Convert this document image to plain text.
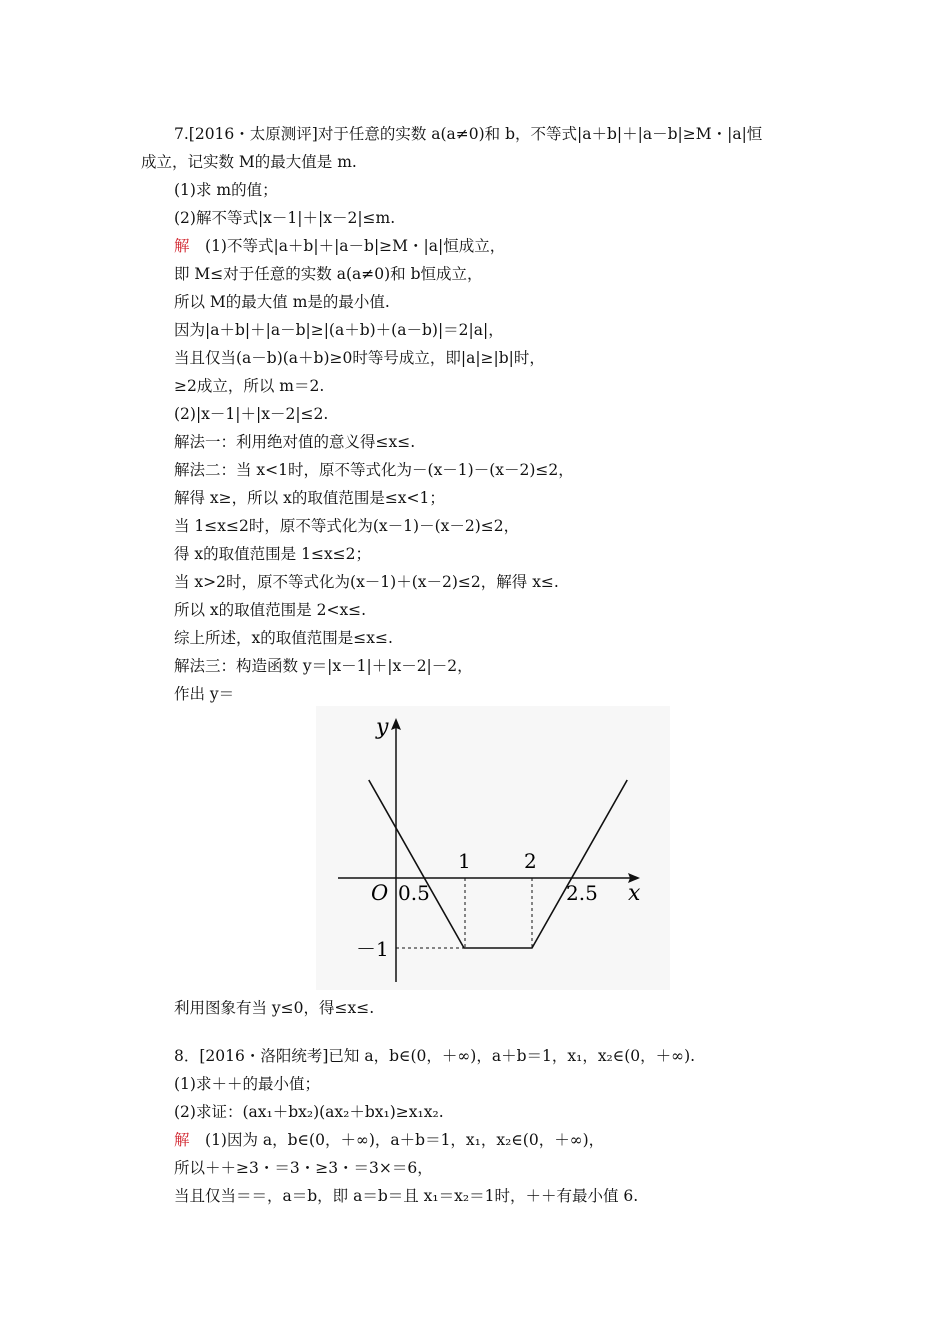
7.[2016・太原测评]对于任意的实数 a(a≠0)和 b，不等式|a＋b|＋|a－b|≥M・|a|恒
成立，记实数 M的最大值是 m.
(1)求 m的值；
(2)解不等式|x－1|＋|x－2|≤m.
解  (1)不等式|a＋b|＋|a－b|≥M・|a|恒成立，
即 M≤对于任意的实数 a(a≠0)和 b恒成立，
所以 M的最大值 m是的最小值.
因为|a＋b|＋|a－b|≥|(a＋b)＋(a－b)|＝2|a|，
当且仅当(a－b)(a＋b)≥0时等号成立，即|a|≥|b|时，
≥2成立，所以 m＝2.
(2)|x－1|＋|x－2|≤2.
解法一：利用绝对值的意义得≤x≤.
解法二：当 x<1时，原不等式化为－(x－1)－(x－2)≤2，
解得 x≥，所以 x的取值范围是≤x<1；
当 1≤x≤2时，原不等式化为(x－1)－(x－2)≤2，
得 x的取值范围是 1≤x≤2；
当 x>2时，原不等式化为(x－1)＋(x－2)≤2，解得 x≤.
所以 x的取值范围是 2<x≤.
综上所述，x的取值范围是≤x≤.
解法三：构造函数 y＝|x－1|＋|x－2|－2，
作出 y＝
y
x
O 0.5
1	2
2.5
－1
利用图象有当 y≤0，得≤x≤.
8．[2016・洛阳统考]已知 a，b∈(0，＋∞)，a＋b＝1，x₁，x₂∈(0，＋∞).
(1)求＋＋的最小值；
(2)求证：(ax₁＋bx₂)(ax₂＋bx₁)≥x₁x₂.
解  (1)因为 a，b∈(0，＋∞)，a＋b＝1，x₁，x₂∈(0，＋∞)，
所以＋＋≥3・＝3・≥3・＝3×＝6，
当且仅当＝＝，a＝b，即 a＝b＝且 x₁＝x₂＝1时，＋＋有最小值 6.
